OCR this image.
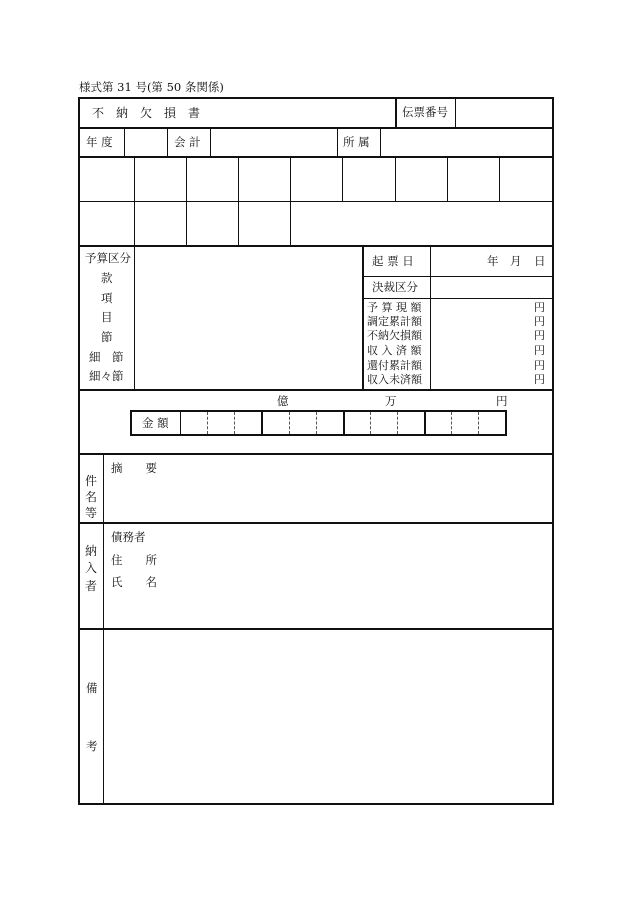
様式第 31 号(第 50 条関係)
不　納　欠　損　書	伝票番号
年 度	会 計	所 属
予算区分
款
項
目
節
細　節
細々節
起 票 日	年 月 日
決裁区分
予 算 現 額	円
調定累計額	円
不納欠損額	円
収 入 済 額	円
還付累計額	円
収入未済額	円
億	万	円
金 額
件名等
摘　　要
納入者
債務者
住　　所
氏　　名
備
考
